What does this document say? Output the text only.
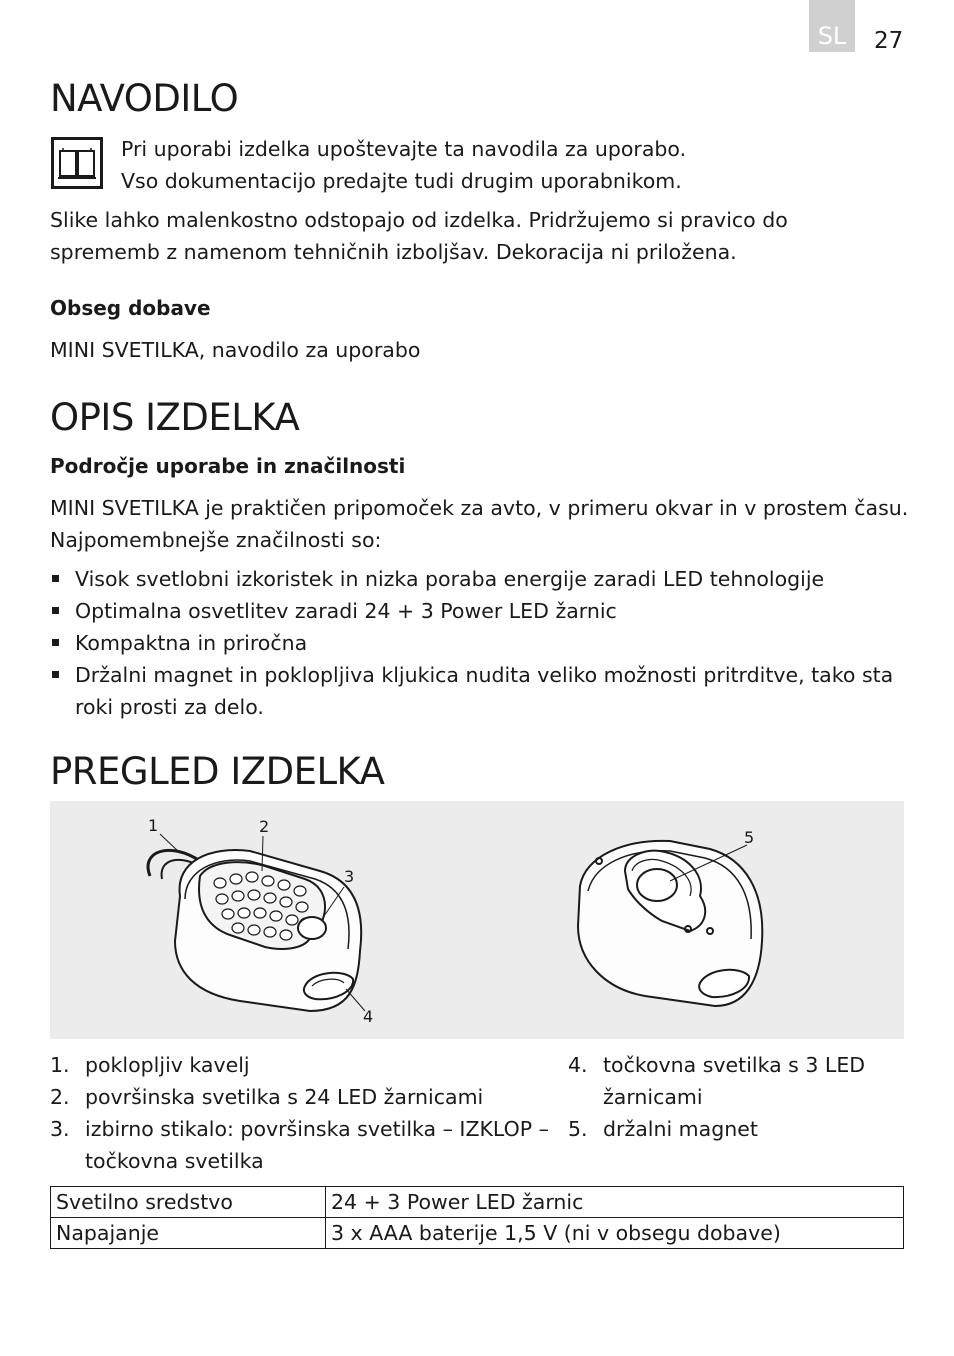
SL 27
NAVODILO
Pri uporabi izdelka upoštevajte ta navodila za uporabo.
Vso dokumentacijo predajte tudi drugim uporabnikom.
Slike lahko malenkostno odstopajo od izdelka. Pridržujemo si pravico do
sprememb z namenom tehničnih izboljšav. Dekoracija ni priložena.
Obseg dobave
MINI SVETILKA, navodilo za uporabo
OPIS IZDELKA
Področje uporabe in značilnosti
MINI SVETILKA je praktičen pripomoček za avto, v primeru okvar in v prostem času.
Najpomembnejše značilnosti so:
Visok svetlobni izkoristek in nizka poraba energije zaradi LED tehnologije
Optimalna osvetlitev zaradi 24 + 3 Power LED žarnic
Kompaktna in priročna
Držalni magnet in poklopljiva kljukica nudita veliko možnosti pritrditve, tako sta roki prosti za delo.
PREGLED IZDELKA
1	2
3
4
5
1. poklopljiv kavelj
2. površinska svetilka s 24 LED žarnicami
3. izbirno stikalo: površinska svetilka – IZKLOP – točkovna svetilka
4. točkovna svetilka s 3 LED žarnicami
5. držalni magnet
Svetilno sredstvo	24 + 3 Power LED žarnic
Napajanje	3 x AAA baterije 1,5 V (ni v obsegu dobave)
